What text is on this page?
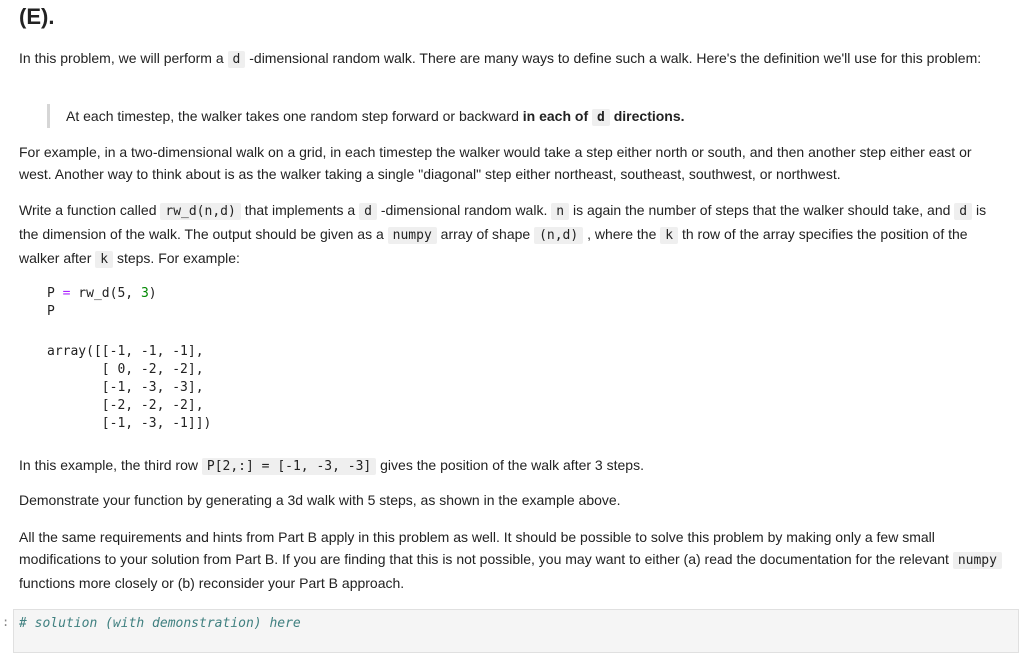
(E).

In this problem, we will perform a d -dimensional random walk. There are many ways to define such a walk. Here's the definition we'll use for this problem:

At each timestep, the walker takes one random step forward or backward in each of d directions.

For example, in a two-dimensional walk on a grid, in each timestep the walker would take a step either north or south, and then another step either east or west. Another way to think about is as the walker taking a single "diagonal" step either northeast, southeast, southwest, or northwest.

Write a function called rw_d(n,d) that implements a d -dimensional random walk. n is again the number of steps that the walker should take, and d is the dimension of the walk. The output should be given as a numpy array of shape (n,d) , where the k th row of the array specifies the position of the walker after k steps. For example:

P = rw_d(5, 3)
P
array([[-1, -1, -1],
[ 0, -2, -2],
[-1, -3, -3],
[-2, -2, -2],
[-1, -3, -1]])

In this example, the third row P[2,:] = [-1, -3, -3] gives the position of the walk after 3 steps.

Demonstrate your function by generating a 3d walk with 5 steps, as shown in the example above.

All the same requirements and hints from Part B apply in this problem as well. It should be possible to solve this problem by making only a few small modifications to your solution from Part B. If you are finding that this is not possible, you may want to either (a) read the documentation for the relevant numpy functions more closely or (b) reconsider your Part B approach.

: # solution (with demonstration) here
